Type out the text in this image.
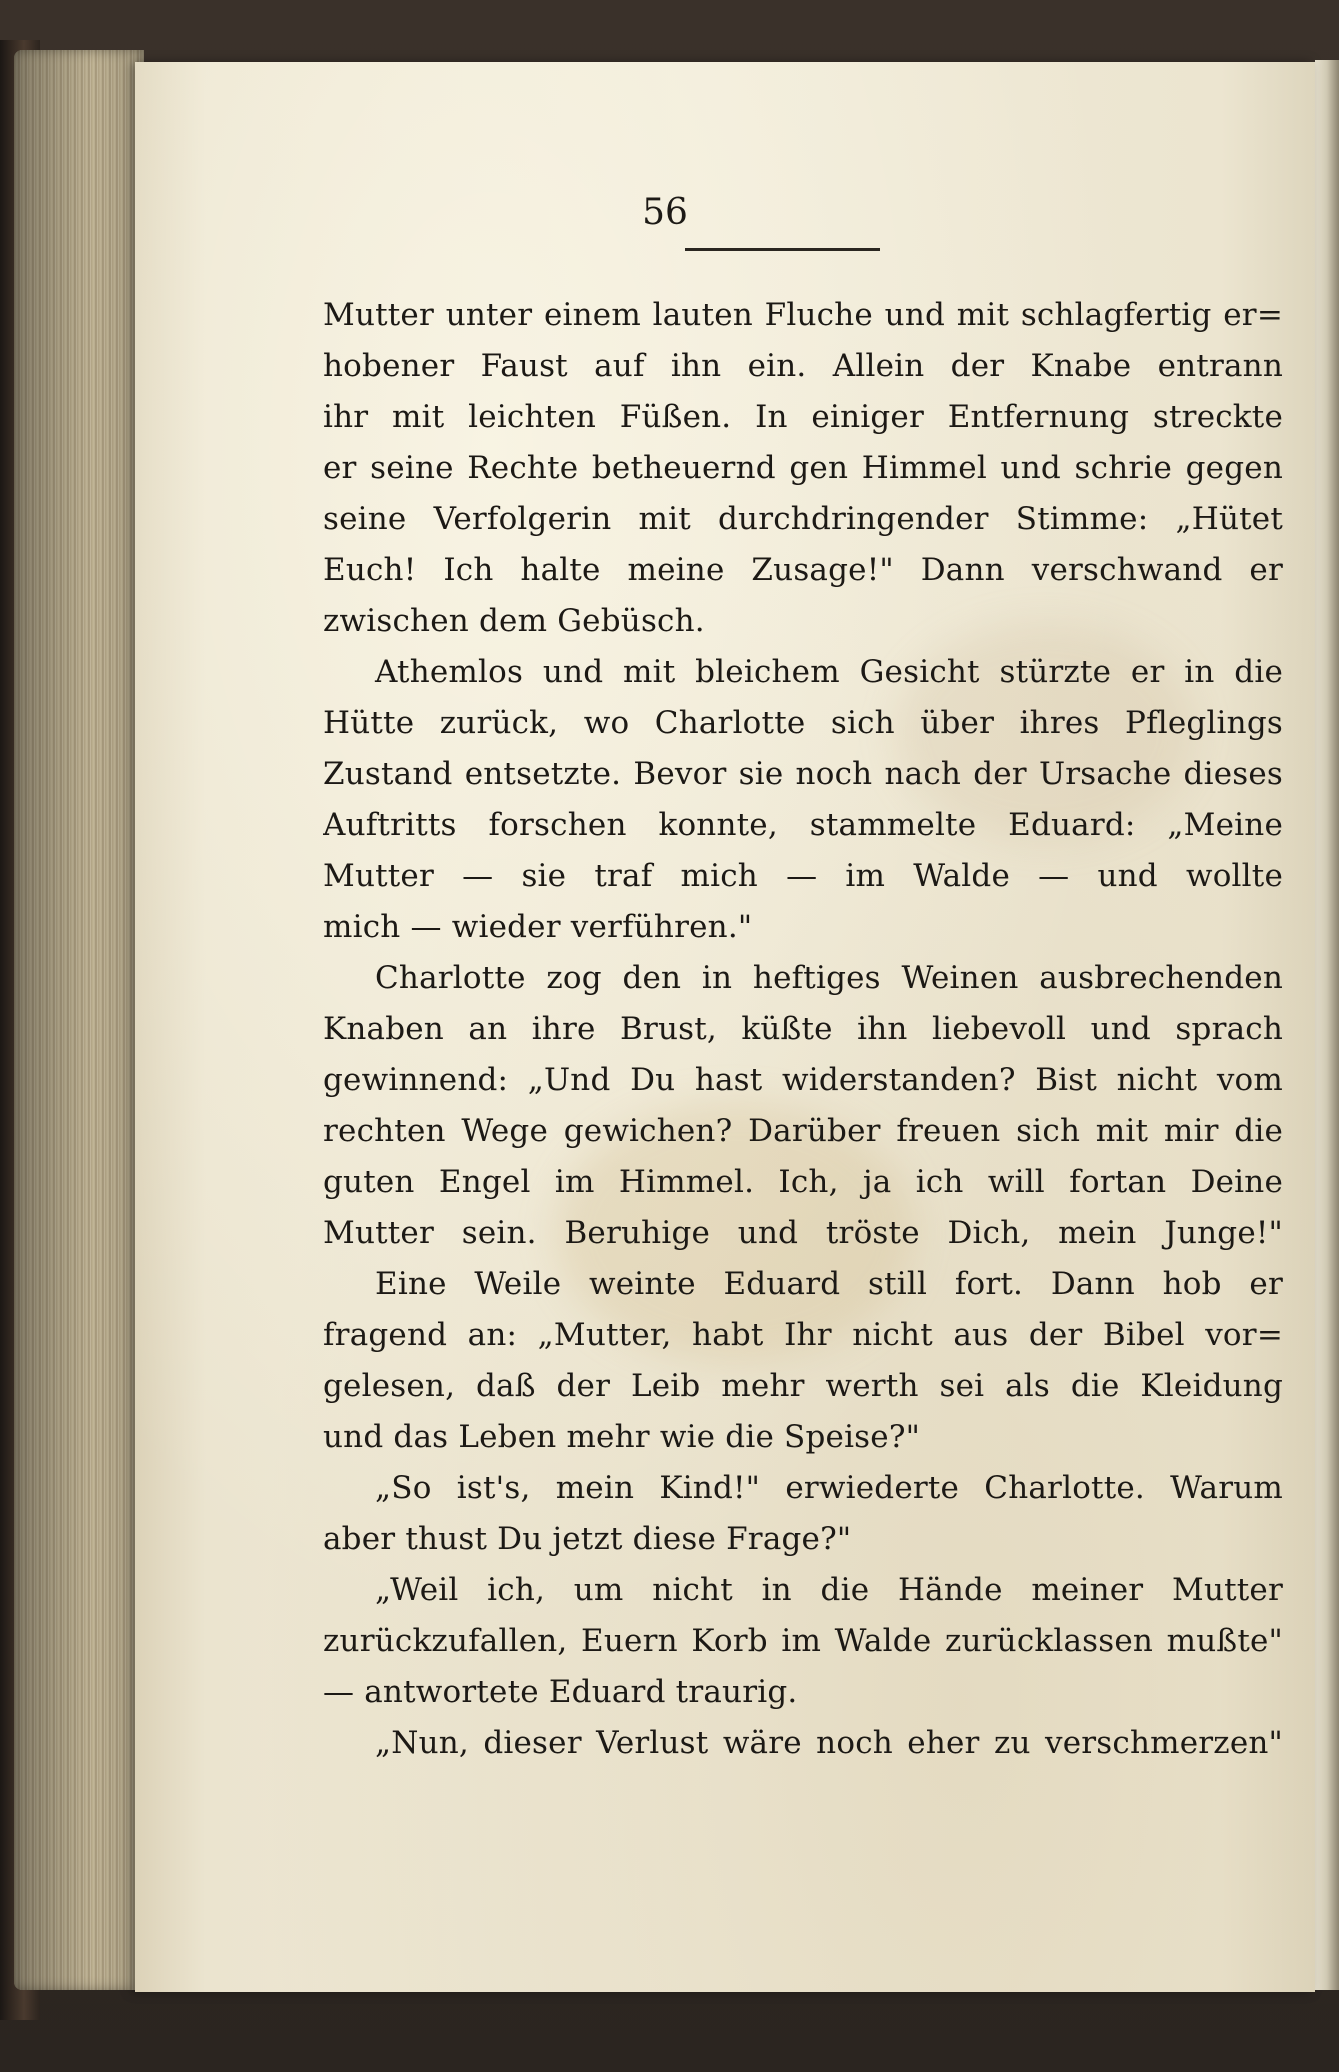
56
Mutter unter einem lauten Fluche und mit schlagfertig er=
hobener Faust auf ihn ein. Allein der Knabe entrann
ihr mit leichten Füßen. In einiger Entfernung streckte
er seine Rechte betheuernd gen Himmel und schrie gegen
seine Verfolgerin mit durchdringender Stimme: „Hütet
Euch! Ich halte meine Zusage!" Dann verschwand er
zwischen dem Gebüsch.
Athemlos und mit bleichem Gesicht stürzte er in die
Hütte zurück, wo Charlotte sich über ihres Pfleglings
Zustand entsetzte. Bevor sie noch nach der Ursache dieses
Auftritts forschen konnte, stammelte Eduard: „Meine
Mutter — sie traf mich — im Walde — und wollte
mich — wieder verführen."
Charlotte zog den in heftiges Weinen ausbrechenden
Knaben an ihre Brust, küßte ihn liebevoll und sprach
gewinnend: „Und Du hast widerstanden? Bist nicht vom
rechten Wege gewichen? Darüber freuen sich mit mir die
guten Engel im Himmel. Ich, ja ich will fortan Deine
Mutter sein. Beruhige und tröste Dich, mein Junge!"
Eine Weile weinte Eduard still fort. Dann hob er
fragend an: „Mutter, habt Ihr nicht aus der Bibel vor=
gelesen, daß der Leib mehr werth sei als die Kleidung
und das Leben mehr wie die Speise?"
„So ist's, mein Kind!" erwiederte Charlotte. Warum
aber thust Du jetzt diese Frage?"
„Weil ich, um nicht in die Hände meiner Mutter
zurückzufallen, Euern Korb im Walde zurücklassen mußte"
— antwortete Eduard traurig.
„Nun, dieser Verlust wäre noch eher zu verschmerzen"
